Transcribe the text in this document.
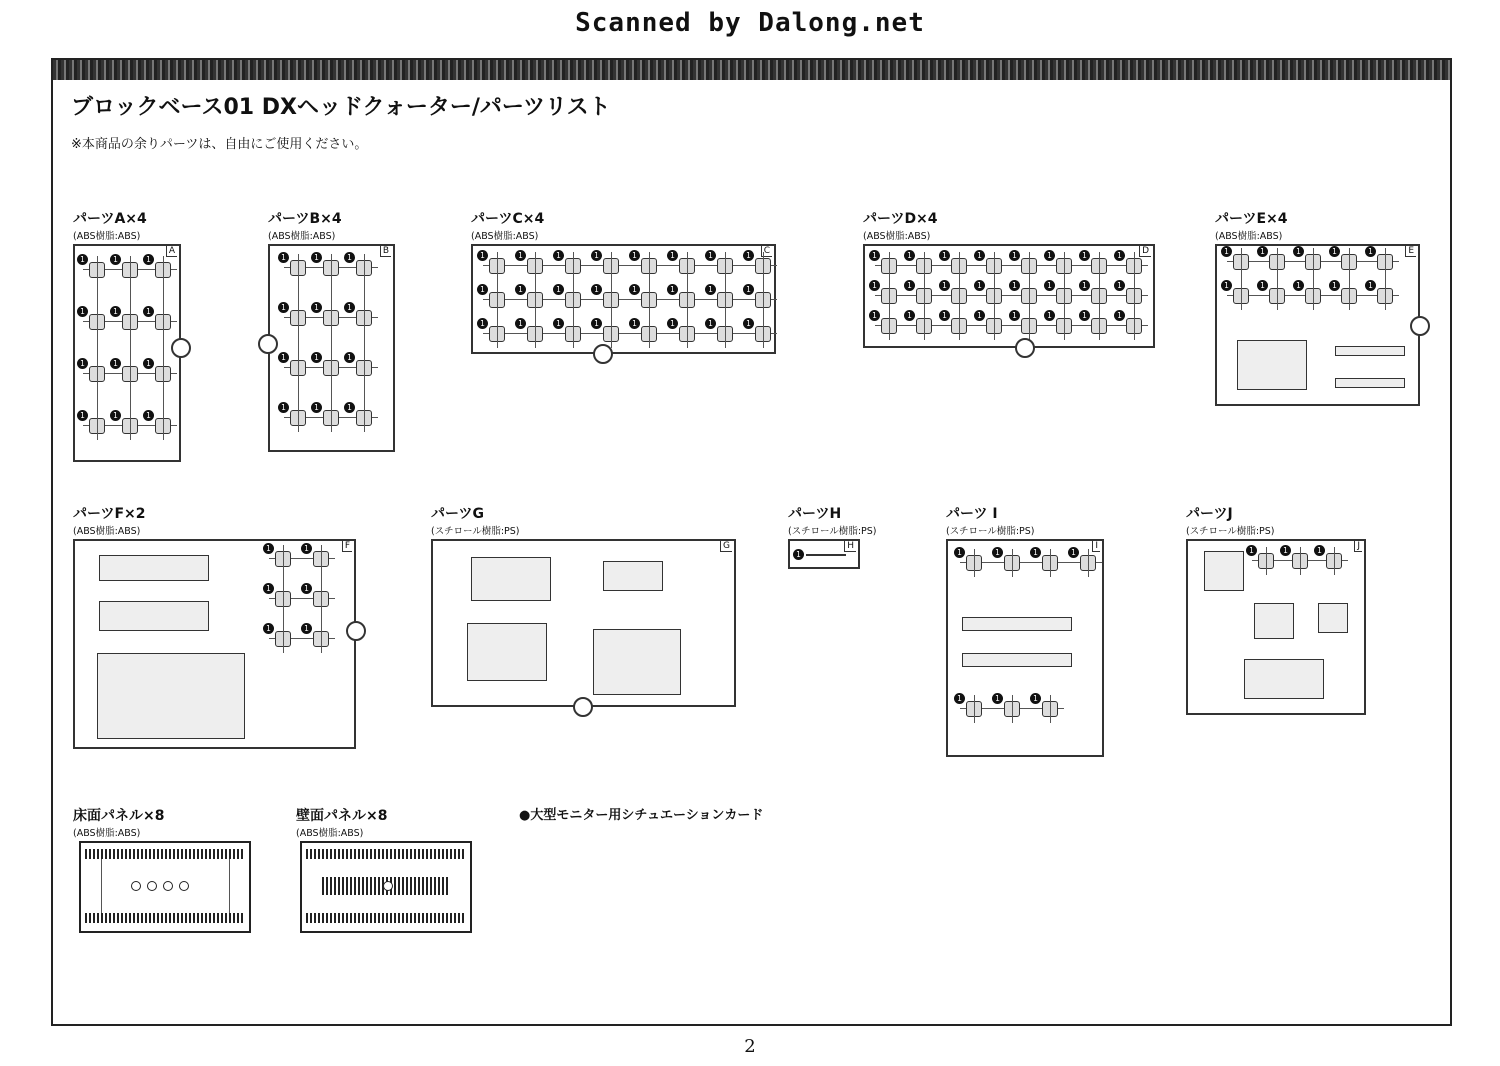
Scanned by Dalong.net
ブロックベース01 DXヘッドクォーター/パーツリスト
※本商品の余りパーツは、自由にご使用ください。
パーツA×4
(ABS樹脂:ABS)
A
1	1	1
1	1	1
1	1	1
1	1	1
パーツB×4
(ABS樹脂:ABS)
B
1	1	1
1	1	1
1	1	1
1	1	1
パーツC×4
(ABS樹脂:ABS)
C
1	1	1	1	1	1	1	1
1	1	1	1	1	1	1	1
1	1	1	1	1	1	1	1
パーツD×4
(ABS樹脂:ABS)
D
1	1	1	1	1	1	1	1
1	1	1	1	1	1	1	1
1	1	1	1	1	1	1	1
パーツE×4
(ABS樹脂:ABS)
E
1	1	1	1	1
1	1	1	1	1
パーツF×2
(ABS樹脂:ABS)
F
1	1
1	1
1	1
パーツG
(スチロール樹脂:PS)
G
パーツH
(スチロール樹脂:PS)
H
1
パーツ I
(スチロール樹脂:PS)
I
1	1	1	1
1	1	1
パーツJ
(スチロール樹脂:PS)
J
1	1	1
床面パネル×8
(ABS樹脂:ABS)
壁面パネル×8
(ABS樹脂:ABS)
●大型モニター用シチュエーションカード
2
